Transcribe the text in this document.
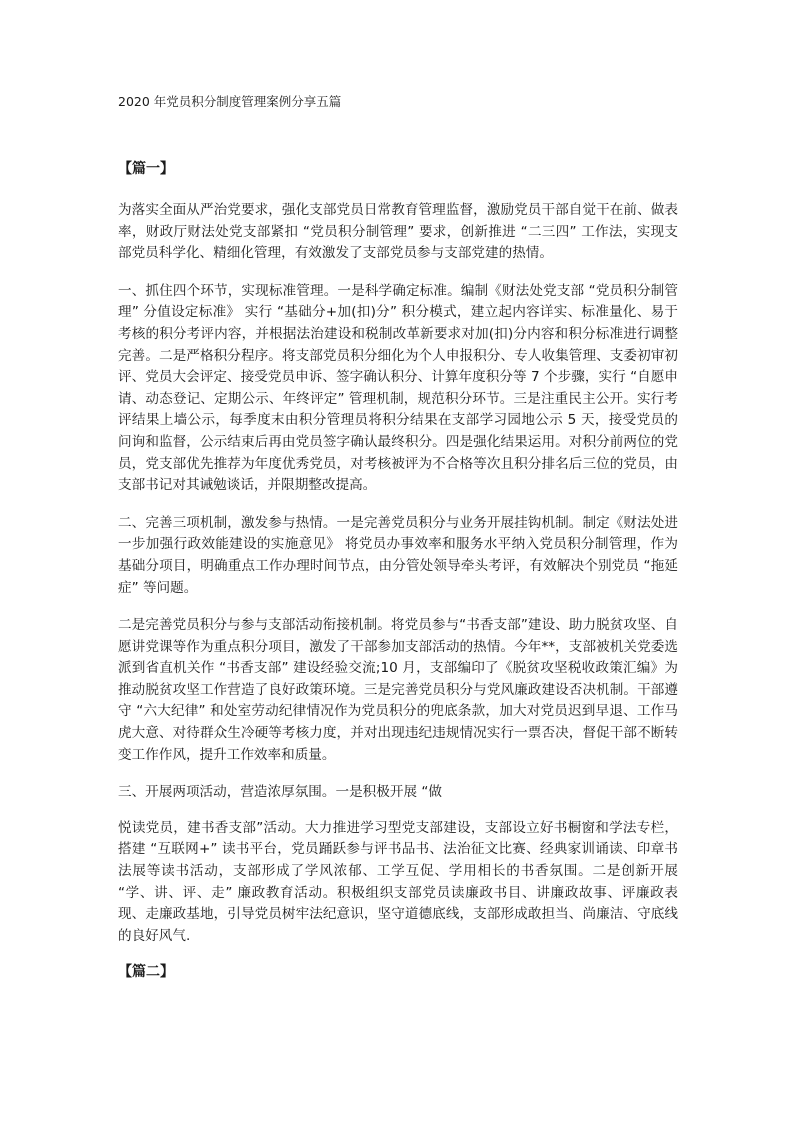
2020 年党员积分制度管理案例分享五篇
【篇一】

为落实全面从严治党要求，强化支部党员日常教育管理监督，激励党员干部自觉干在前、做表率，财政厅财法处党支部紧扣 “党员积分制管理” 要求，创新推进 “二三四” 工作法，实现支部党员科学化、精细化管理，有效激发了支部党员参与支部党建的热情。

一、抓住四个环节，实现标准管理。一是科学确定标准。编制《财法处党支部 “党员积分制管理” 分值设定标准》 实行 “基础分+加(扣)分” 积分模式，建立起内容详实、标准量化、易于考核的积分考评内容，并根据法治建设和税制改革新要求对加(扣)分内容和积分标准进行调整完善。二是严格积分程序。将支部党员积分细化为个人申报积分、专人收集管理、支委初审初评、党员大会评定、接受党员申诉、签字确认积分、计算年度积分等 7 个步骤，实行 “自愿申请、动态登记、定期公示、年终评定” 管理机制，规范积分环节。三是注重民主公开。实行考评结果上墙公示，每季度末由积分管理员将积分结果在支部学习园地公示 5 天，接受党员的问询和监督，公示结束后再由党员签字确认最终积分。四是强化结果运用。对积分前两位的党员，党支部优先推荐为年度优秀党员，对考核被评为不合格等次且积分排名后三位的党员，由支部书记对其诫勉谈话，并限期整改提高。

二、完善三项机制，激发参与热情。一是完善党员积分与业务开展挂钩机制。制定《财法处进一步加强行政效能建设的实施意见》 将党员办事效率和服务水平纳入党员积分制管理，作为基础分项目，明确重点工作办理时间节点，由分管处领导牵头考评，有效解决个别党员 “拖延症” 等问题。

二是完善党员积分与参与支部活动衔接机制。将党员参与“书香支部”建设、助力脱贫攻坚、自愿讲党课等作为重点积分项目，激发了干部参加支部活动的热情。今年**，支部被机关党委选派到省直机关作 “书香支部” 建设经验交流;10 月，支部编印了《脱贫攻坚税收政策汇编》为推动脱贫攻坚工作营造了良好政策环境。三是完善党员积分与党风廉政建设否决机制。干部遵守 “六大纪律” 和处室劳动纪律情况作为党员积分的兜底条款，加大对党员迟到早退、工作马虎大意、对待群众生冷硬等考核力度，并对出现违纪违规情况实行一票否决，督促干部不断转变工作作风，提升工作效率和质量。

三、开展两项活动，营造浓厚氛围。一是积极开展 “做

悦读党员，建书香支部”活动。大力推进学习型党支部建设，支部设立好书橱窗和学法专栏，搭建 “互联网+” 读书平台，党员踊跃参与评书品书、法治征文比赛、经典家训诵读、印章书法展等读书活动，支部形成了学风浓郁、工学互促、学用相长的书香氛围。二是创新开展 “学、讲、评、走” 廉政教育活动。积极组织支部党员读廉政书目、讲廉政故事、评廉政表现、走廉政基地，引导党员树牢法纪意识，坚守道德底线，支部形成敢担当、尚廉洁、守底线的良好风气.

【篇二】
